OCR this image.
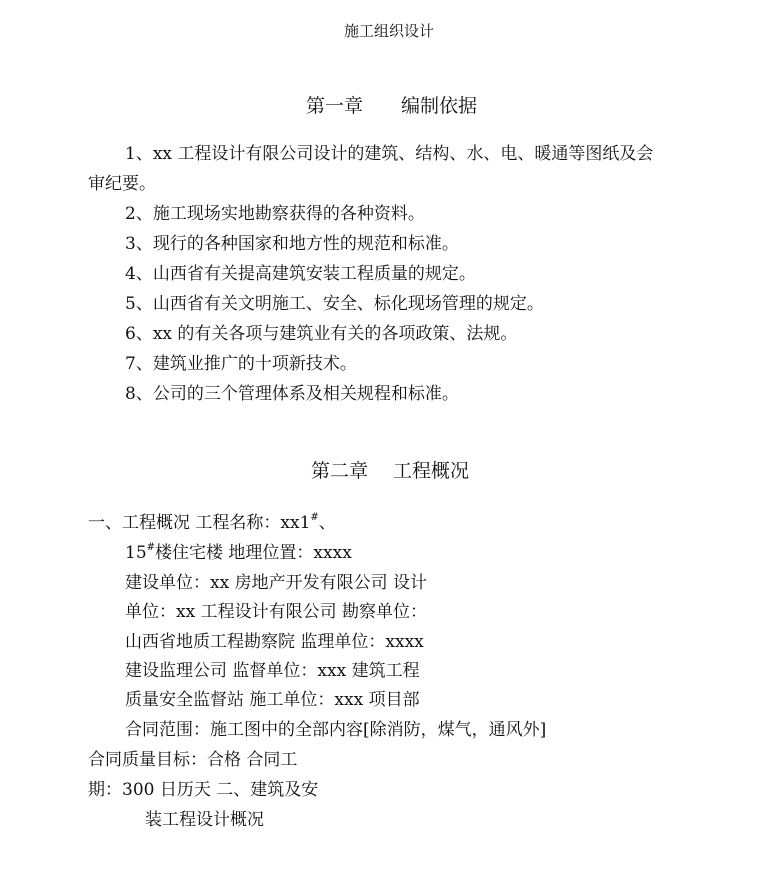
施工组织设计
第一章　　编制依据
1、xx 工程设计有限公司设计的建筑、结构、水、电、暖通等图纸及会
审纪要。
2、施工现场实地勘察获得的各种资料。
3、现行的各种国家和地方性的规范和标准。
4、山西省有关提高建筑安装工程质量的规定。
5、山西省有关文明施工、安全、标化现场管理的规定。
6、xx 的有关各项与建筑业有关的各项政策、法规。
7、建筑业推广的十项新技术。
8、公司的三个管理体系及相关规程和标准。
第二章　 工程概况
一、工程概况 工程名称：xx1#、
15#楼住宅楼 地理位置：xxxx
建设单位：xx 房地产开发有限公司 设计
单位：xx 工程设计有限公司 勘察单位：
山西省地质工程勘察院 监理单位：xxxx
建设监理公司 监督单位：xxx 建筑工程
质量安全监督站 施工单位：xxx 项目部
合同范围：施工图中的全部内容[除消防，煤气，通风外]
合同质量目标：合格 合同工
期：300 日历天 二、建筑及安
装工程设计概况
